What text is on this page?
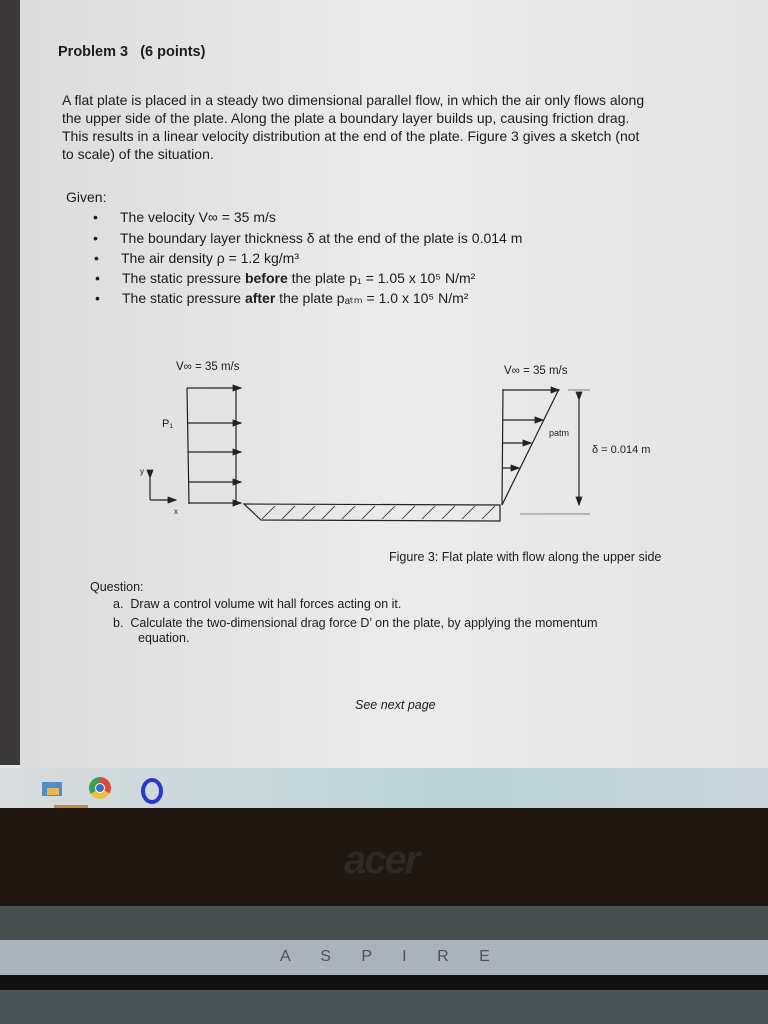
Problem 3 (6 points)
A flat plate is placed in a steady two dimensional parallel flow, in which the air only flows along
the upper side of the plate. Along the plate a boundary layer builds up, causing friction drag.
This results in a linear velocity distribution at the end of the plate. Figure 3 gives a sketch (not
to scale) of the situation.
Given:
• The velocity V∞ = 35 m/s
• The boundary layer thickness δ at the end of the plate is 0.014 m
• The air density ρ = 1.2 kg/m³
• The static pressure before the plate p₁ = 1.05 x 10⁵ N/m²
• The static pressure after the plate pₐₜₘ = 1.0 x 10⁵ N/m²
V∞ = 35 m/s	V∞ = 35 m/s
P₁
patm
δ = 0.014 m
y
x
Figure 3: Flat plate with flow along the upper side
Question:
a. Draw a control volume wit hall forces acting on it.
b. Calculate the two-dimensional drag force D’ on the plate, by applying the momentum
equation.
See next page
acer
A S P I R E
